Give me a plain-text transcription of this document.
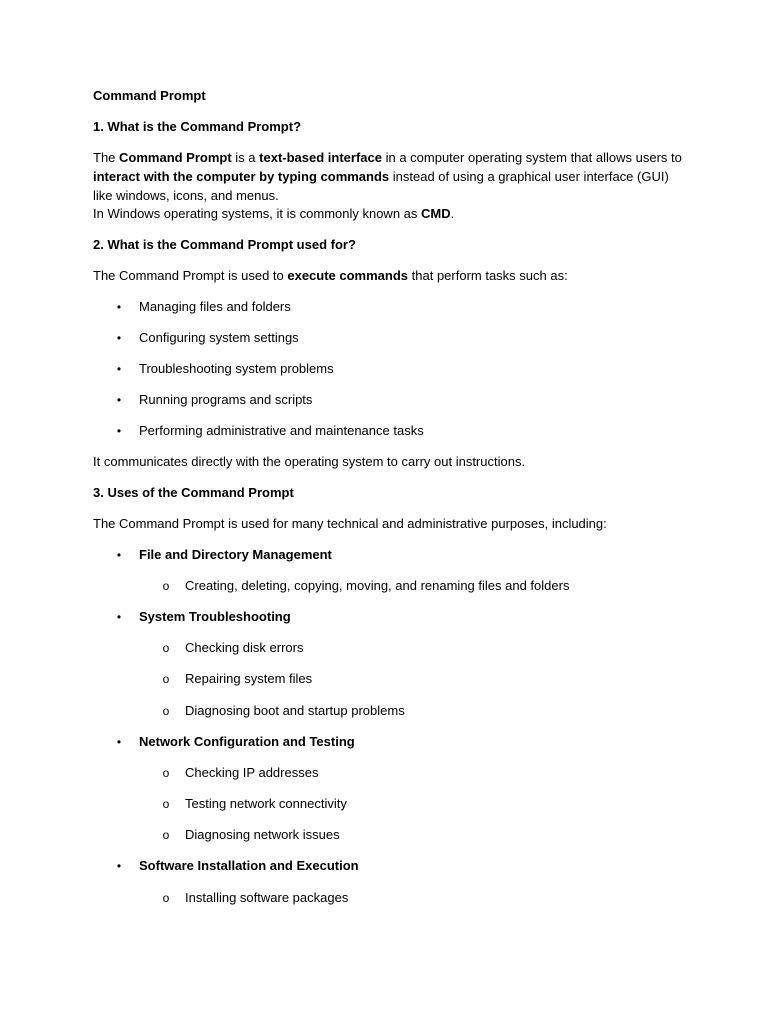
Command Prompt
1. What is the Command Prompt?
The Command Prompt is a text-based interface in a computer operating system that allows users to
interact with the computer by typing commands instead of using a graphical user interface (GUI)
like windows, icons, and menus.
In Windows operating systems, it is commonly known as CMD.
2. What is the Command Prompt used for?
The Command Prompt is used to execute commands that perform tasks such as:
• Managing files and folders
• Configuring system settings
• Troubleshooting system problems
• Running programs and scripts
• Performing administrative and maintenance tasks
It communicates directly with the operating system to carry out instructions.
3. Uses of the Command Prompt
The Command Prompt is used for many technical and administrative purposes, including:
• File and Directory Management
o Creating, deleting, copying, moving, and renaming files and folders
• System Troubleshooting
o Checking disk errors
o Repairing system files
o Diagnosing boot and startup problems
• Network Configuration and Testing
o Checking IP addresses
o Testing network connectivity
o Diagnosing network issues
• Software Installation and Execution
o Installing software packages
